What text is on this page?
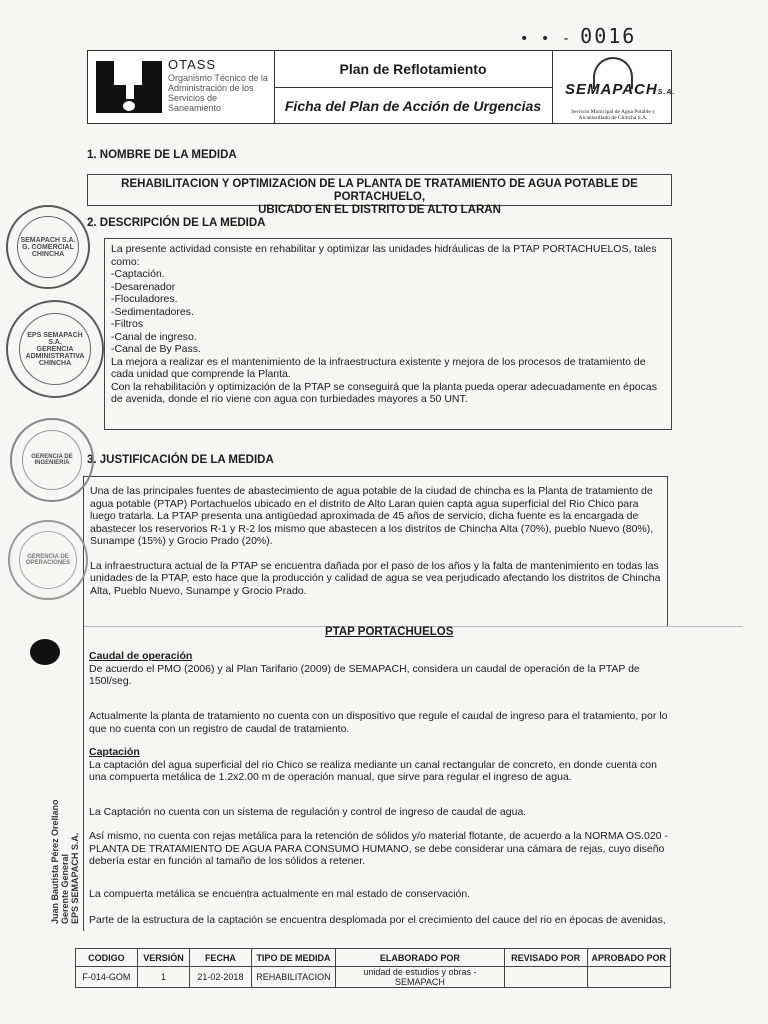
• • - 0016
OTASS
Organismo Técnico de la Administración de los Servicios de Saneamiento
Plan de Reflotamiento
Ficha del Plan de Acción de Urgencias
SEMAPACHS.A.
Servicio Municipal de Agua Potable y Alcantarillado de Chincha S.A.
1. NOMBRE DE LA MEDIDA
REHABILITACION Y OPTIMIZACION DE LA PLANTA DE TRATAMIENTO DE AGUA POTABLE DE PORTACHUELO,
UBICADO EN EL DISTRITO DE ALTO LARAN
2. DESCRIPCIÓN DE LA MEDIDA
La presente actividad consiste en rehabilitar y optimizar las unidades hidráulicas de la PTAP PORTACHUELOS, tales como:
-Captación.
-Desarenador
-Floculadores.
-Sedimentadores.
-Filtros
-Canal de ingreso.
-Canal de By Pass.
La mejora a realizar es el mantenimiento de la infraestructura existente y mejora de los procesos de tratamiento de cada unidad que comprende la Planta.
Con la rehabilitación y optimización de la PTAP se conseguirá que la planta pueda operar adecuadamente en épocas de avenida, donde el rio viene con agua con turbiedades mayores a 50 UNT.
3. JUSTIFICACIÓN DE LA MEDIDA

Una de las principales fuentes de abastecimiento de agua potable de la ciudad de chincha es la Planta de tratamiento de agua potable (PTAP) Portachuelos ubicado en el distrito de Alto Laran quien capta agua superficial del Rio Chico para luego tratarla. La PTAP presenta una antigüedad aproximada de 45 años de servicio, dicha fuente es la encargada de abastecer los reservorios R-1 y R-2 los mismo que abastecen a los distritos de Chincha Alta (70%), pueblo Nuevo (80%), Sunampe (15%) y Grocio Prado (20%).

La infraestructura actual de la PTAP se encuentra dañada por el paso de los años y la falta de mantenimiento en todas las unidades de la PTAP, esto hace que la producción y calidad de agua se vea perjudicado afectando los distritos de Chincha Alta, Pueblo Nuevo, Sunampe y Grocio Prado.

PTAP PORTACHUELOS
Caudal de operación
De acuerdo el PMO (2006) y al Plan Tarifario (2009) de SEMAPACH, considera un caudal de operación de la PTAP de 150l/seg.
Actualmente la planta de tratamiento no cuenta con un dispositivo que regule el caudal de ingreso para el tratamiento, por lo que no cuenta con un registro de caudal de tratamiento.
Captación
La captación del agua superficial del rio Chico se realiza mediante un canal rectangular de concreto, en donde cuenta con una compuerta metálica de 1.2x2.00 m de operación manual, que sirve para regular el ingreso de agua.
La Captación no cuenta con un sistema de regulación y control de ingreso de caudal de agua.
Así mismo, no cuenta con rejas metálica para la retención de sólidos y/o material flotante, de acuerdo a la NORMA OS.020 - PLANTA DE TRATAMIENTO DE AGUA PARA CONSUMO HUMANO, se debe considerar una cámara de rejas, cuyo diseño debería estar en función al tamaño de los sólidos a retener.
La compuerta metálica se encuentra actualmente en mal estado de conservación.
Parte de la estructura de la captación se encuentra desplomada por el crecimiento del cauce del rio en épocas de avenidas,
SEMAPACH S.A.
G. COMERCIAL
CHINCHA
EPS SEMAPACH S.A.
GERENCIA ADMINISTRATIVA
CHINCHA
GERENCIA DE INGENIERIA
GERENCIA DE OPERACIONES
Juan Bautista Pérez Orellano Gerente General EPS SEMAPACH S.A.
CODIGO	VERSIÓN	FECHA	TIPO DE MEDIDA	ELABORADO POR	REVISADO POR	APROBADO POR
F-014-GOM	1	21-02-2018	REHABILITACION	unidad de estudios y obras - SEMAPACH		
